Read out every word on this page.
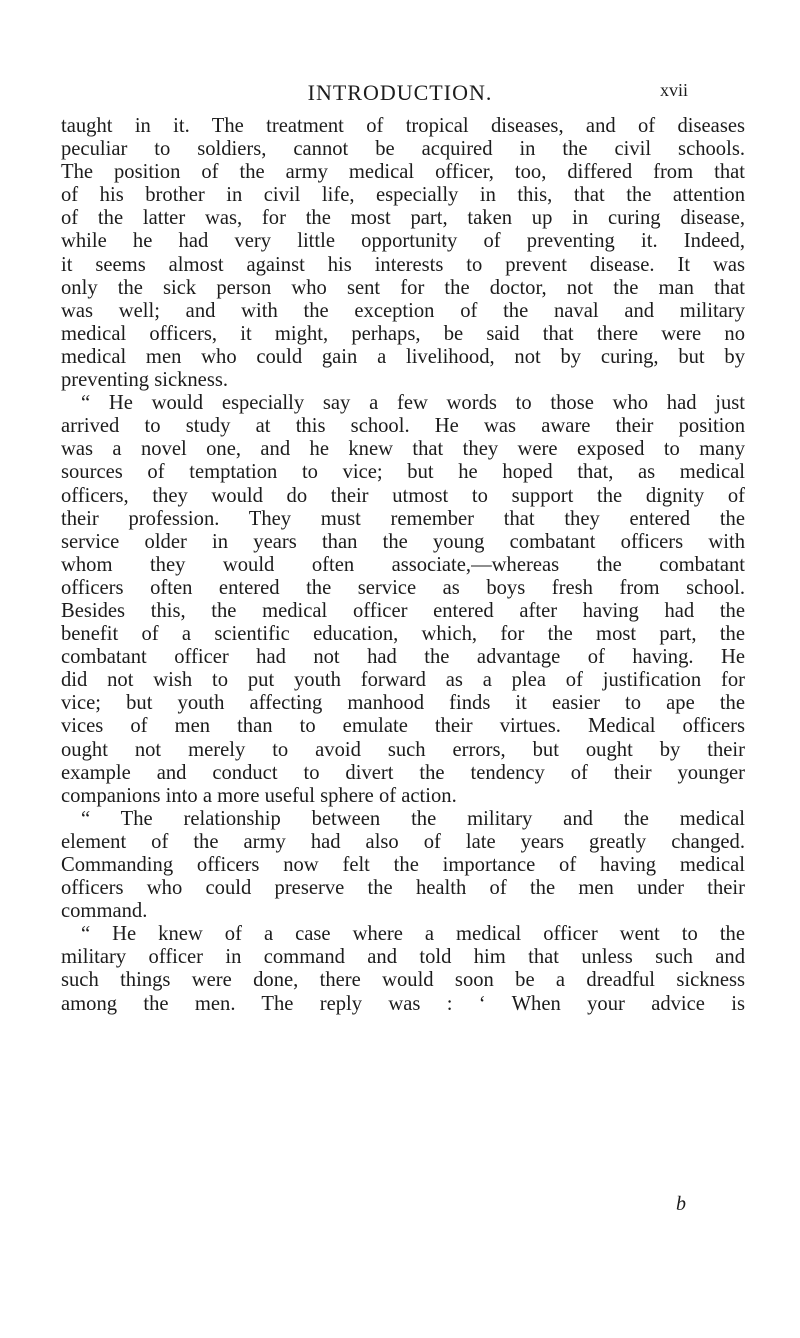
INTRODUCTION.	xvii
taught in it. The treatment of tropical diseases, and of diseases
peculiar to soldiers, cannot be acquired in the civil schools.
The position of the army medical officer, too, differed from that
of his brother in civil life, especially in this, that the attention
of the latter was, for the most part, taken up in curing disease,
while he had very little opportunity of preventing it. Indeed,
it seems almost against his interests to prevent disease. It was
only the sick person who sent for the doctor, not the man that
was well; and with the exception of the naval and military
medical officers, it might, perhaps, be said that there were no
medical men who could gain a livelihood, not by curing, but by
preventing sickness.
“ He would especially say a few words to those who had just
arrived to study at this school. He was aware their position
was a novel one, and he knew that they were exposed to many
sources of temptation to vice; but he hoped that, as medical
officers, they would do their utmost to support the dignity of
their profession. They must remember that they entered the
service older in years than the young combatant officers with
whom they would often associate,—whereas the combatant
officers often entered the service as boys fresh from school.
Besides this, the medical officer entered after having had the
benefit of a scientific education, which, for the most part, the
combatant officer had not had the advantage of having. He
did not wish to put youth forward as a plea of justification for
vice; but youth affecting manhood finds it easier to ape the
vices of men than to emulate their virtues. Medical officers
ought not merely to avoid such errors, but ought by their
example and conduct to divert the tendency of their younger
companions into a more useful sphere of action.
“ The relationship between the military and the medical
element of the army had also of late years greatly changed.
Commanding officers now felt the importance of having medical
officers who could preserve the health of the men under their
command.
“ He knew of a case where a medical officer went to the
military officer in command and told him that unless such and
such things were done, there would soon be a dreadful sickness
among the men. The reply was : ‘ When your advice is
b
